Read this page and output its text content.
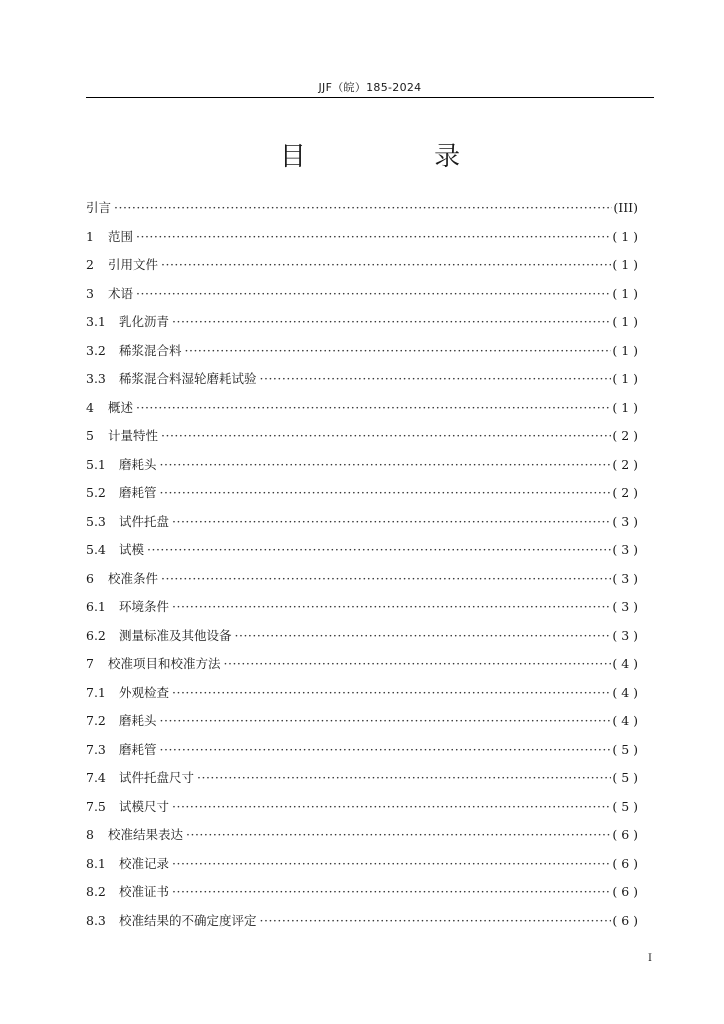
JJF（皖）185-2024
目 录
引言 ·····	(III)
1	范围 ·····	( 1 )
2	引用文件 ·····	( 1 )
3	术语 ·····	( 1 )
3.1	乳化沥青 ·····	( 1 )
3.2	稀浆混合料 ·····	( 1 )
3.3	稀浆混合料湿轮磨耗试验 ·····	( 1 )
4	概述 ·····	( 1 )
5	计量特性 ·····	( 2 )
5.1	磨耗头 ·····	( 2 )
5.2	磨耗管 ·····	( 2 )
5.3	试件托盘 ·····	( 3 )
5.4	试模 ·····	( 3 )
6	校准条件 ·····	( 3 )
6.1	环境条件 ·····	( 3 )
6.2	测量标准及其他设备 ·····	( 3 )
7	校准项目和校准方法 ·····	( 4 )
7.1	外观检查 ·····	( 4 )
7.2	磨耗头 ·····	( 4 )
7.3	磨耗管 ·····	( 5 )
7.4	试件托盘尺寸 ·····	( 5 )
7.5	试模尺寸 ·····	( 5 )
8	校准结果表达 ·····	( 6 )
8.1	校准记录 ·····	( 6 )
8.2	校准证书 ·····	( 6 )
8.3	校准结果的不确定度评定 ·····	( 6 )
I
